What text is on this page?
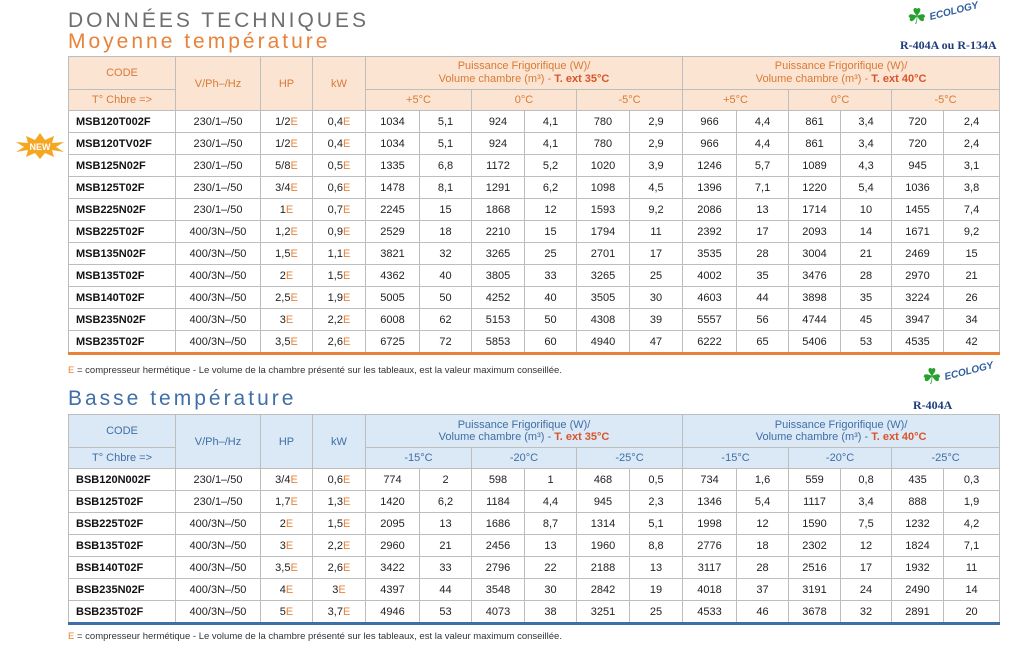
DONNÉES TECHNIQUES
Moyenne température
☘ ECOLOGY
R-404A ou R-134A
NEW
CODE	V/Ph–/Hz	HP	kW	Puissance Frigorifique (W)/
Volume chambre (m³) - T. ext 35°C						Puissance Frigorifique (W)/
Volume chambre (m³) - T. ext 40°C					
T° Chbre =>				+5°C		0°C		-5°C		+5°C		0°C		-5°C	
MSB120T002F	230/1–/50	1/2E	0,4E	1034	5,1	924	4,1	780	2,9	966	4,4	861	3,4	720	2,4
MSB120TV02F	230/1–/50	1/2E	0,4E	1034	5,1	924	4,1	780	2,9	966	4,4	861	3,4	720	2,4
MSB125N02F	230/1–/50	5/8E	0,5E	1335	6,8	1172	5,2	1020	3,9	1246	5,7	1089	4,3	945	3,1
MSB125T02F	230/1–/50	3/4E	0,6E	1478	8,1	1291	6,2	1098	4,5	1396	7,1	1220	5,4	1036	3,8
MSB225N02F	230/1–/50	1E	0,7E	2245	15	1868	12	1593	9,2	2086	13	1714	10	1455	7,4
MSB225T02F	400/3N–/50	1,2E	0,9E	2529	18	2210	15	1794	11	2392	17	2093	14	1671	9,2
MSB135N02F	400/3N–/50	1,5E	1,1E	3821	32	3265	25	2701	17	3535	28	3004	21	2469	15
MSB135T02F	400/3N–/50	2E	1,5E	4362	40	3805	33	3265	25	4002	35	3476	28	2970	21
MSB140T02F	400/3N–/50	2,5E	1,9E	5005	50	4252	40	3505	30	4603	44	3898	35	3224	26
MSB235N02F	400/3N–/50	3E	2,2E	6008	62	5153	50	4308	39	5557	56	4744	45	3947	34
MSB235T02F	400/3N–/50	3,5E	2,6E	6725	72	5853	60	4940	47	6222	65	5406	53	4535	42
E = compresseur hermétique - Le volume de la chambre présenté sur les tableaux, est la valeur maximum conseillée.	☘ ECOLOGY
R-404A
Basse température
CODE	V/Ph–/Hz	HP	kW	Puissance Frigorifique (W)/
Volume chambre (m³) - T. ext 35°C						Puissance Frigorifique (W)/
Volume chambre (m³) - T. ext 40°C					
T° Chbre =>				-15°C		-20°C		-25°C		-15°C		-20°C		-25°C	
BSB120N002F	230/1–/50	3/4E	0,6E	774	2	598	1	468	0,5	734	1,6	559	0,8	435	0,3
BSB125T02F	230/1–/50	1,7E	1,3E	1420	6,2	1184	4,4	945	2,3	1346	5,4	1117	3,4	888	1,9
BSB225T02F	400/3N–/50	2E	1,5E	2095	13	1686	8,7	1314	5,1	1998	12	1590	7,5	1232	4,2
BSB135T02F	400/3N–/50	3E	2,2E	2960	21	2456	13	1960	8,8	2776	18	2302	12	1824	7,1
BSB140T02F	400/3N–/50	3,5E	2,6E	3422	33	2796	22	2188	13	3117	28	2516	17	1932	11
BSB235N02F	400/3N–/50	4E	3E	4397	44	3548	30	2842	19	4018	37	3191	24	2490	14
BSB235T02F	400/3N–/50	5E	3,7E	4946	53	4073	38	3251	25	4533	46	3678	32	2891	20
E = compresseur hermétique - Le volume de la chambre présenté sur les tableaux, est la valeur maximum conseillée.
